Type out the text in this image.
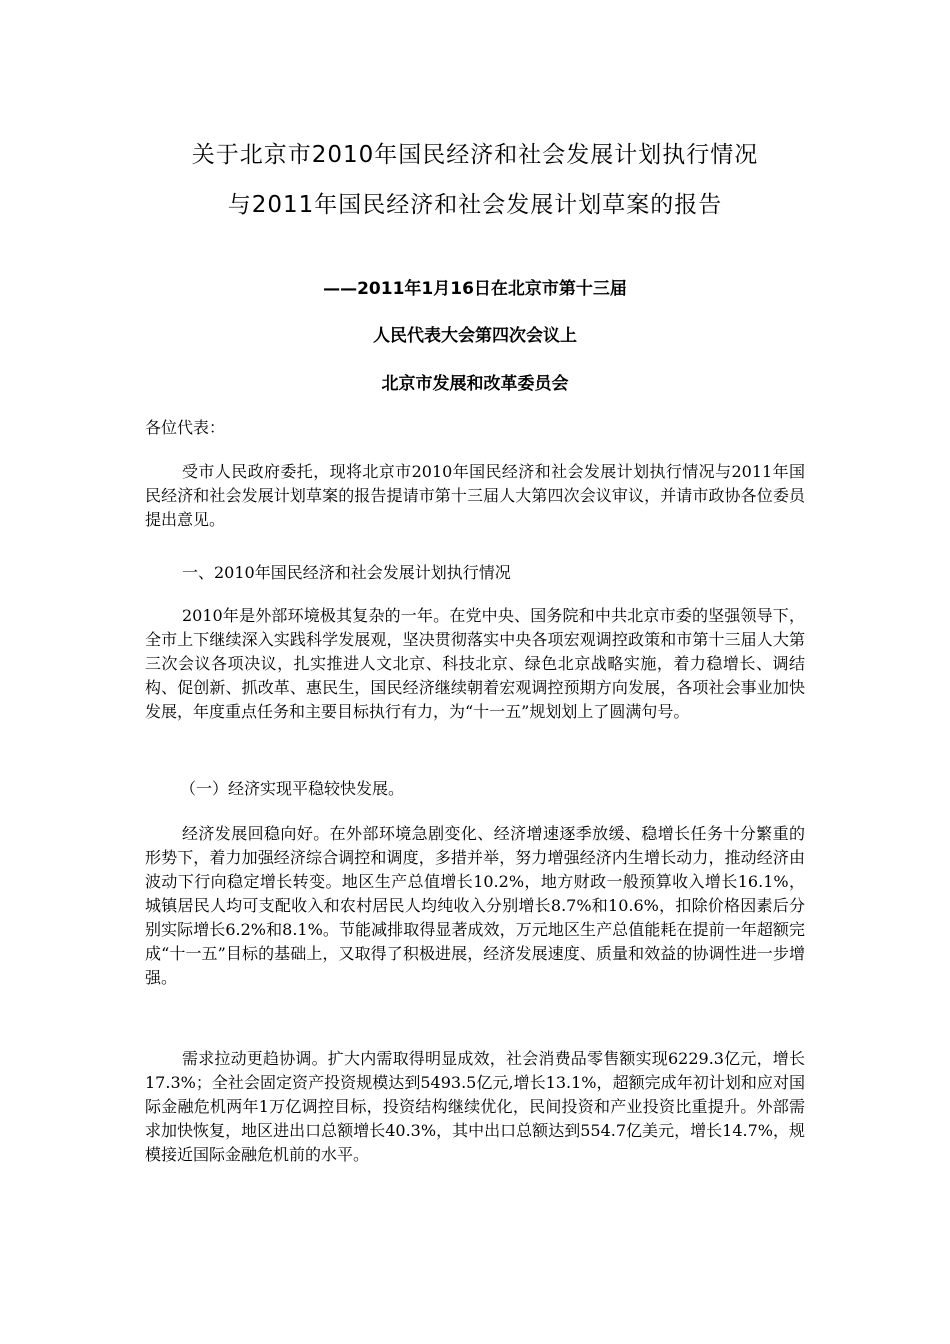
关于北京市2010年国民经济和社会发展计划执行情况
与2011年国民经济和社会发展计划草案的报告
——2011年1月16日在北京市第十三届
人民代表大会第四次会议上
北京市发展和改革委员会
各位代表：

受市人民政府委托，现将北京市2010年国民经济和社会发展计划执行情况与2011年国民经济和社会发展计划草案的报告提请市第十三届人大第四次会议审议，并请市政协各位委员提出意见。

一、2010年国民经济和社会发展计划执行情况

2010年是外部环境极其复杂的一年。在党中央、国务院和中共北京市委的坚强领导下，全市上下继续深入实践科学发展观，坚决贯彻落实中央各项宏观调控政策和市第十三届人大第三次会议各项决议，扎实推进人文北京、科技北京、绿色北京战略实施，着力稳增长、调结构、促创新、抓改革、惠民生，国民经济继续朝着宏观调控预期方向发展，各项社会事业加快发展，年度重点任务和主要目标执行有力，为“十一五”规划划上了圆满句号。

（一）经济实现平稳较快发展。

经济发展回稳向好。在外部环境急剧变化、经济增速逐季放缓、稳增长任务十分繁重的形势下，着力加强经济综合调控和调度，多措并举，努力增强经济内生增长动力，推动经济由波动下行向稳定增长转变。地区生产总值增长10.2%，地方财政一般预算收入增长16.1%，城镇居民人均可支配收入和农村居民人均纯收入分别增长8.7%和10.6%，扣除价格因素后分别实际增长6.2%和8.1%。节能减排取得显著成效，万元地区生产总值能耗在提前一年超额完成“十一五”目标的基础上，又取得了积极进展，经济发展速度、质量和效益的协调性进一步增强。

需求拉动更趋协调。扩大内需取得明显成效，社会消费品零售额实现6229.3亿元，增长17.3%；全社会固定资产投资规模达到5493.5亿元,增长13.1%，超额完成年初计划和应对国际金融危机两年1万亿调控目标，投资结构继续优化，民间投资和产业投资比重提升。外部需求加快恢复，地区进出口总额增长40.3%，其中出口总额达到554.7亿美元，增长14.7%，规模接近国际金融危机前的水平。
